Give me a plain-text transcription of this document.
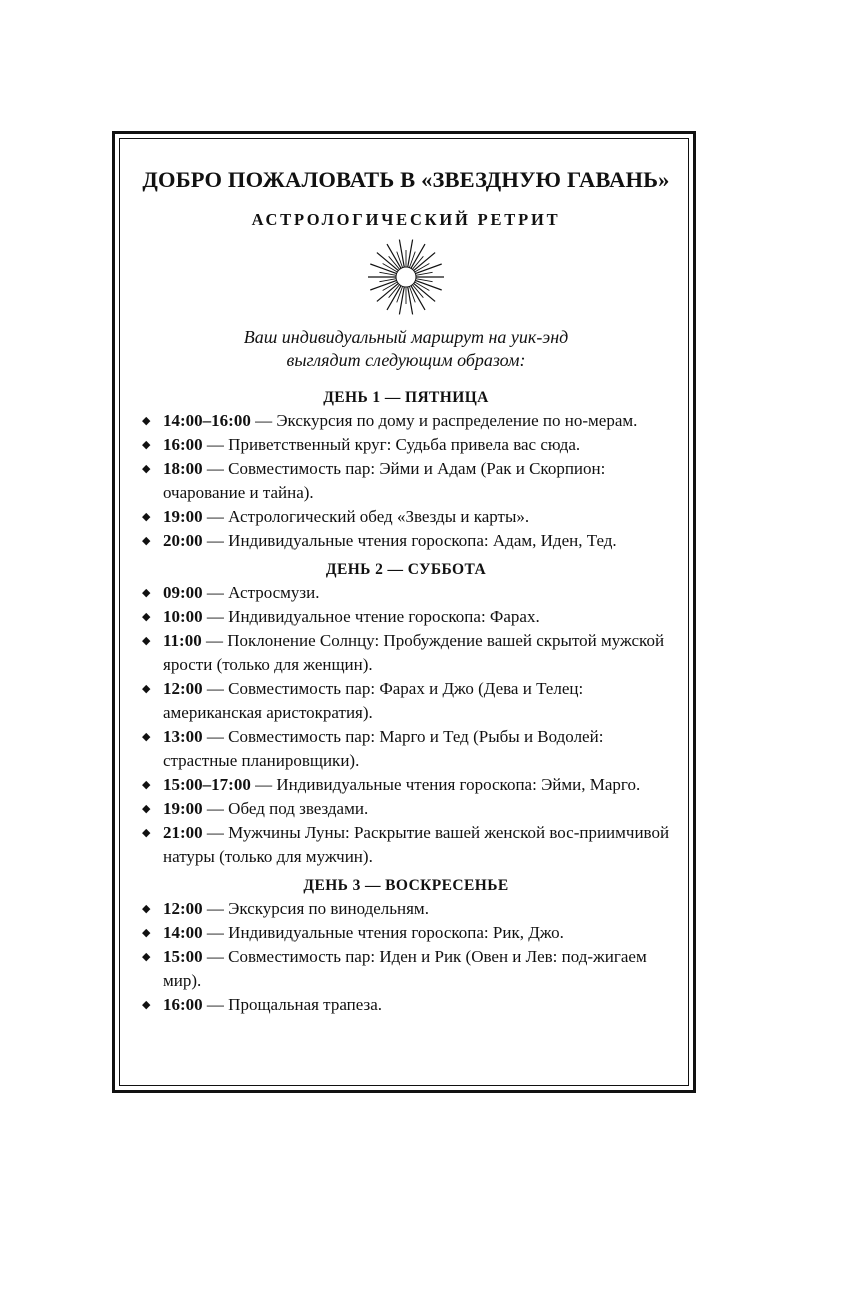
ДОБРО ПОЖАЛОВАТЬ В «ЗВЕЗДНУЮ ГАВАНЬ»
АСТРОЛОГИЧЕСКИЙ РЕТРИТ

Ваш индивидуальный маршрут на уик-энд
выглядит следующим образом:

ДЕНЬ 1 — ПЯТНИЦА
◆ 14:00–16:00 — Экскурсия по дому и распределение по но-мерам.
◆ 16:00 — Приветственный круг: Судьба привела вас сюда.
◆ 18:00 — Совместимость пар: Эйми и Адам (Рак и Скорпион: очарование и тайна).
◆ 19:00 — Астрологический обед «Звезды и карты».
◆ 20:00 — Индивидуальные чтения гороскопа: Адам, Иден, Тед.
ДЕНЬ 2 — СУББОТА
◆ 09:00 — Астросмузи.
◆ 10:00 — Индивидуальное чтение гороскопа: Фарах.
◆ 11:00 — Поклонение Солнцу: Пробуждение вашей скрытой мужской ярости (только для женщин).
◆ 12:00 — Совместимость пар: Фарах и Джо (Дева и Телец: американская аристократия).
◆ 13:00 — Совместимость пар: Марго и Тед (Рыбы и Водолей: страстные планировщики).
◆ 15:00–17:00 — Индивидуальные чтения гороскопа: Эйми, Марго.
◆ 19:00 — Обед под звездами.
◆ 21:00 — Мужчины Луны: Раскрытие вашей женской вос-приимчивой натуры (только для мужчин).
ДЕНЬ 3 — ВОСКРЕСЕНЬЕ
◆ 12:00 — Экскурсия по винодельням.
◆ 14:00 — Индивидуальные чтения гороскопа: Рик, Джо.
◆ 15:00 — Совместимость пар: Иден и Рик (Овен и Лев: под-жигаем мир).
◆ 16:00 — Прощальная трапеза.
